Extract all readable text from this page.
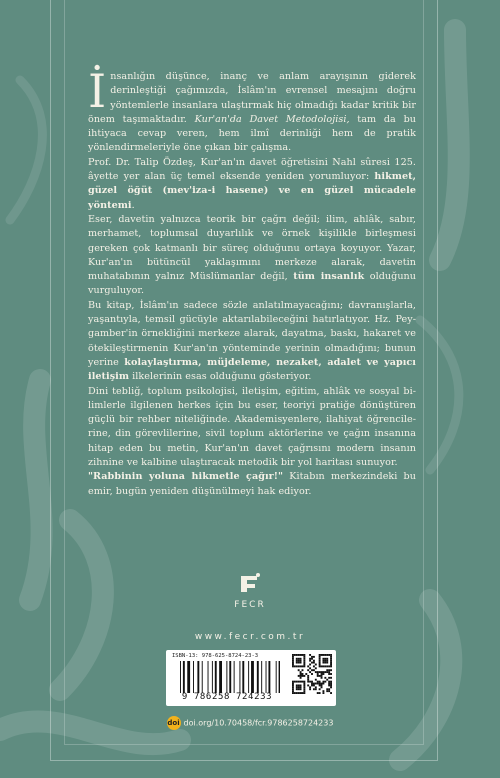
İnsanlığın düşünce, inanç ve anlam arayışının giderek derinleştiği çağımızda, İslâm'ın evrensel mesajını doğru yöntemlerle insanlara ulaştırmak hiç olmadığı kadar kritik bir önem taşımaktadır. Kur'an'da Davet Metodolojisi, tam da bu ihtiyaca cevap veren, hem ilmî derinliği hem de pratik yönlendirmeleriyle öne çıkan bir çalışma.

Prof. Dr. Talip Özdeş, Kur'an'ın davet öğretisini Nahl sûresi 125. âyette yer alan üç temel eksende yeniden yorumluyor: hikmet, güzel öğüt (mev'iza-i hasene) ve en güzel mücadele yöntemi.

Eser, davetin yalnızca teorik bir çağrı değil; ilim, ahlâk, sabır, merhamet, toplumsal duyarlılık ve örnek kişilikle birleşmesi gereken çok katmanlı bir süreç olduğunu ortaya koyuyor. Yazar, Kur'an'ın bütüncül yaklaşımını merkeze alarak, davetin muhatabının yalnız Müslümanlar değil, tüm insanlık olduğunu vurguluyor.

Bu kitap, İslâm'ın sadece sözle anlatılmayacağını; davranışlarla, yaşantıyla, temsil gücüyle aktarılabileceğini hatırlatıyor. Hz. Peygamber'in örnekliğini merkeze alarak, dayatma, baskı, hakaret ve ötekileştirmenin Kur'an'ın yönteminde yerinin olmadığını; bunun yerine kolaylaştırma, müjdeleme, nezaket, adalet ve yapıcı iletişim ilkelerinin esas olduğunu gösteriyor.

Dini tebliğ, toplum psikolojisi, iletişim, eğitim, ahlâk ve sosyal bilimlerle ilgilenen herkes için bu eser, teoriyi pratiğe dönüştüren güçlü bir rehber niteliğinde. Akademisyenlere, ilahiyat öğrencilerine, din görevlilerine, sivil toplum aktörlerine ve çağın insanına hitap eden bu metin, Kur'an'ın davet çağrısını modern insanın zihnine ve kalbine ulaştıracak metodik bir yol haritası sunuyor.

"Rabbinin yoluna hikmetle çağır!" Kitabın merkezindeki bu emir, bugün yeniden düşünülmeyi hak ediyor.

FECR
www.fecr.com.tr
ISBN-13: 978-625-8724-23-3
9 786258 724233
doi doi.org/10.70458/fcr.9786258724233
